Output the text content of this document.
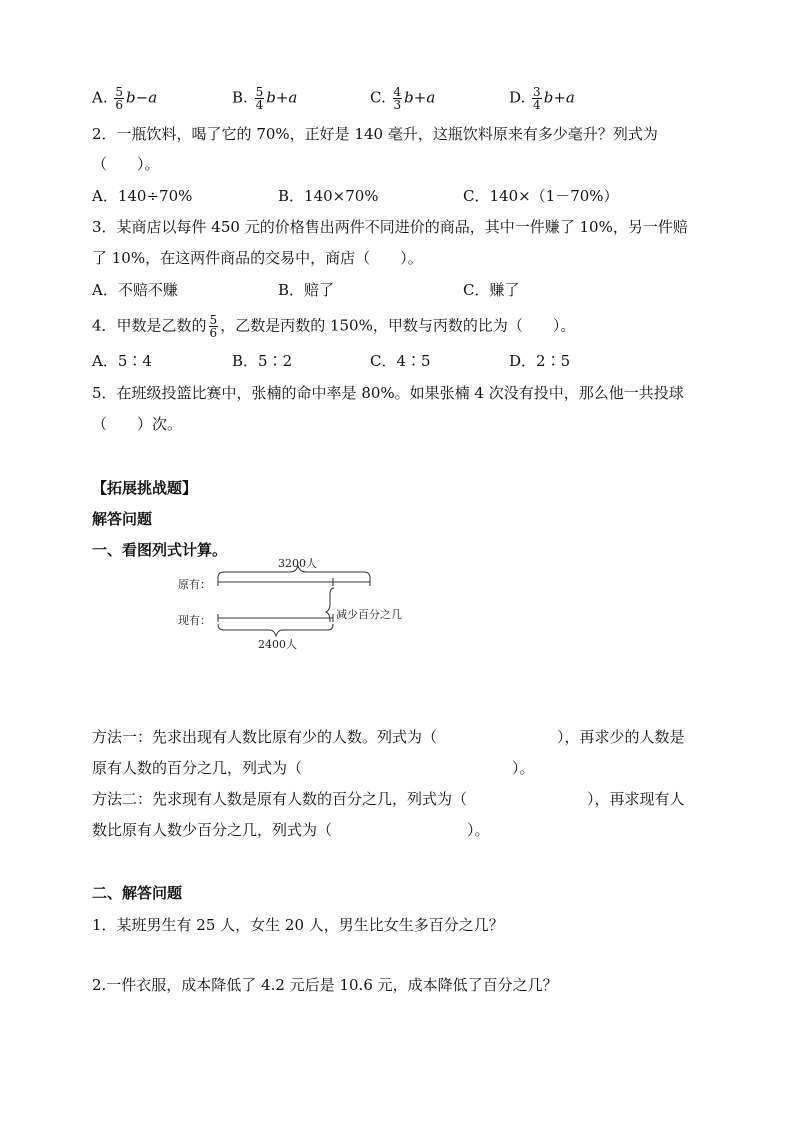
A. $\frac{5}{6} b-a$	B. $\frac{5}{4} b+a$	C. $\frac{4}{3} b+a$	D. $\frac{3}{4} b+a$
2．一瓶饮料，喝了它的 70%，正好是 140 毫升，这瓶饮料原来有多少毫升？列式为
（　　）。
A．140÷70%	B．140×70%	C．140×（1－70%）
3．某商店以每件 450 元的价格售出两件不同进价的商品，其中一件赚了 10%，另一件赔
了 10%，在这两件商品的交易中，商店（　　）。
A．不赔不赚	B．赔了	C．赚了
4．甲数是乙数的 $\frac{5}{6}$ ，乙数是丙数的 150%，甲数与丙数的比为（　　）。
A．5∶4	B．5∶2	C．4∶5	D．2∶5
5．在班级投篮比赛中，张楠的命中率是 80%。如果张楠 4 次没有投中，那么他一共投球
（　　）次。
【拓展挑战题】
解答问题
一、看图列式计算。
3200人
原有：
减少百分之几
现有：
2400人
方法一：先求出现有人数比原有少的人数。列式为（　　　　　　　　），再求少的人数是
原有人数的百分之几，列式为（　　　　　　　　　　　　　　）。
方法二：先求现有人数是原有人数的百分之几，列式为（　　　　　　　　），再求现有人
数比原有人数少百分之几，列式为（　　　　　　　　　）。
二、解答问题
1．某班男生有 25 人，女生 20 人，男生比女生多百分之几？
2.一件衣服，成本降低了 4.2 元后是 10.6 元，成本降低了百分之几？
